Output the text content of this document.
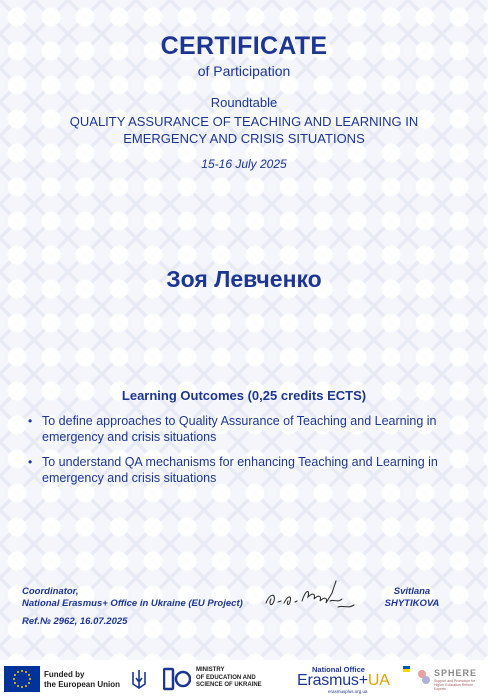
CERTIFICATE
of Participation
Roundtable
QUALITY ASSURANCE OF TEACHING AND LEARNING IN EMERGENCY AND CRISIS SITUATIONS
15-16 July 2025
Зоя Левченко
Learning Outcomes (0,25 credits ECTS)
• To define approaches to Quality Assurance of Teaching and Learning in emergency and crisis situations
• To understand QA mechanisms for enhancing Teaching and Learning in emergency and crisis situations
Coordinator,
National Erasmus+ Office in Ukraine (EU Project)
Ref.№ 2962, 16.07.2025
Svitlana
SHYTIKOVA
Funded by
the European Union
MINISTRY
OF EDUCATION AND
SCIENCE OF UKRAINE
National Office
Erasmus+UA
erasmusplus.org.ua
SPHERE
Support and Promotion for Higher Education Reform Experts
